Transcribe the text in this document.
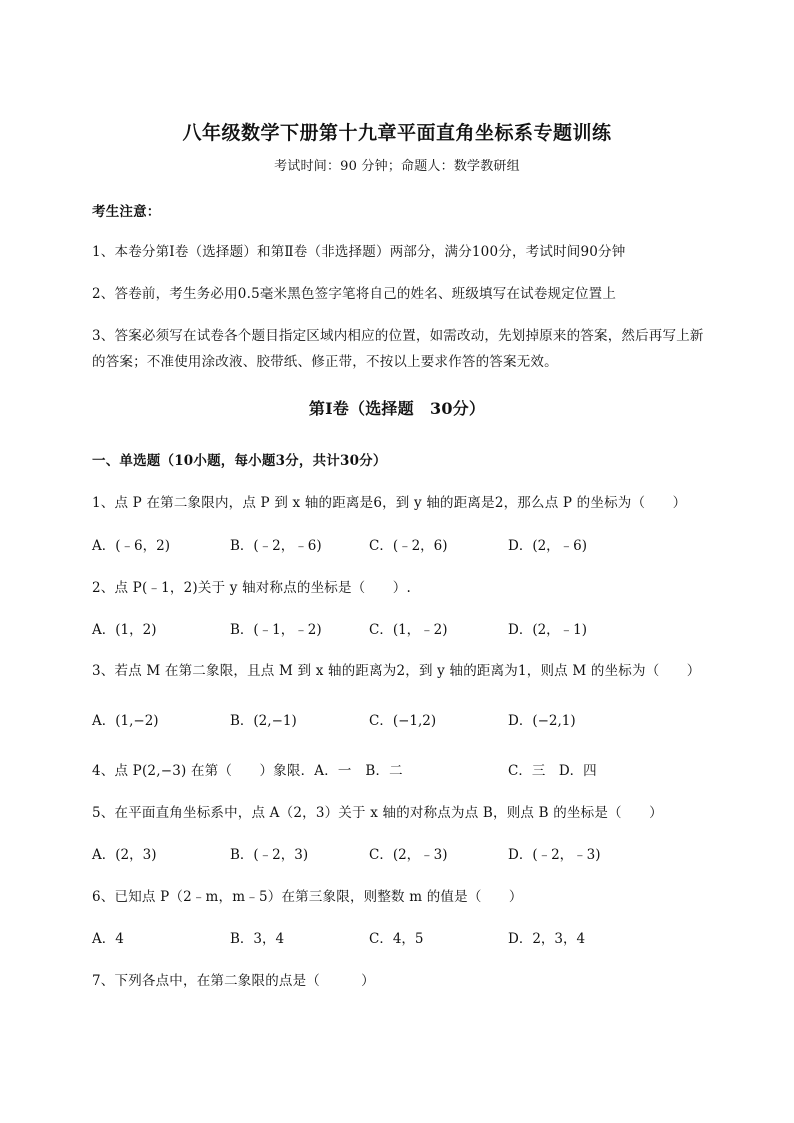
八年级数学下册第十九章平面直角坐标系专题训练
考试时间：90 分钟；命题人：数学教研组
考生注意：
1、本卷分第Ⅰ卷（选择题）和第Ⅱ卷（非选择题）两部分，满分100分，考试时间90分钟
2、答卷前，考生务必用0.5毫米黑色签字笔将自己的姓名、班级填写在试卷规定位置上
3、答案必须写在试卷各个题目指定区域内相应的位置，如需改动，先划掉原来的答案，然后再写上新
的答案；不准使用涂改液、胶带纸、修正带，不按以上要求作答的答案无效。
第Ⅰ卷（选择题　30分）
一、单选题（10小题，每小题3分，共计30分）
1、点 P 在第二象限内，点 P 到 x 轴的距离是6，到 y 轴的距离是2，那么点 P 的坐标为（　　）
A．(﹣6，2)	B．(﹣2，﹣6)	C．(﹣2，6)	D．(2，﹣6)
2、点 P(﹣1，2)关于 y 轴对称点的坐标是（　　）.
A．(1，2)	B．(﹣1，﹣2)	C．(1，﹣2)	D．(2，﹣1)
3、若点 M 在第二象限，且点 M 到 x 轴的距离为2，到 y 轴的距离为1，则点 M 的坐标为（　　）
A．(1,−2)	B．(2,−1)	C．(−1,2)	D．(−2,1)
4、点 P(2,−3) 在第（　　）象限．A．一　B．二	C．三　D．四
5、在平面直角坐标系中，点 A（2，3）关于 x 轴的对称点为点 B，则点 B 的坐标是（　　）
A．(2，3)	B．(﹣2，3)	C．(2，﹣3)	D．(﹣2，﹣3)
6、已知点 P（2﹣m，m﹣5）在第三象限，则整数 m 的值是（　　）
A．4	B．3，4	C．4，5	D．2，3，4
7、下列各点中，在第二象限的点是（　　　）
